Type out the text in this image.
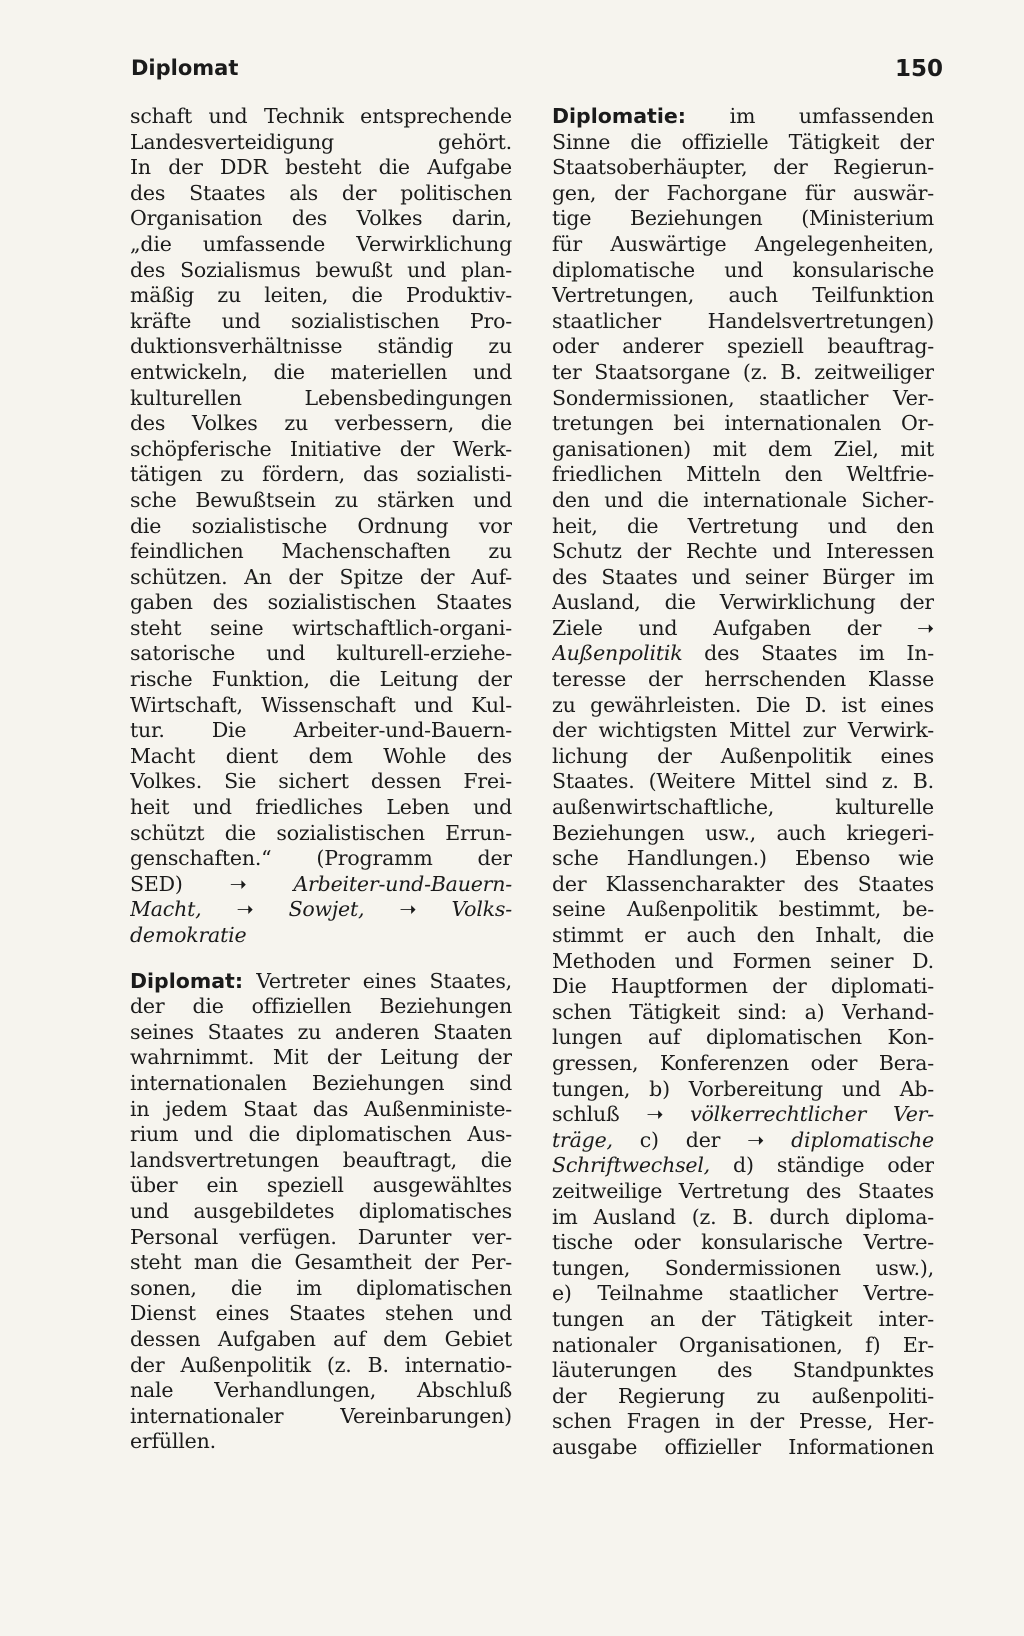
Diplomat	150
schaft und Technik entsprechende
Landesverteidigung gehört.
In der DDR besteht die Aufgabe
des Staates als der politischen
Organisation des Volkes darin,
„die umfassende Verwirklichung
des Sozialismus bewußt und plan-
mäßig zu leiten, die Produktiv-
kräfte und sozialistischen Pro-
duktionsverhältnisse ständig zu
entwickeln, die materiellen und
kulturellen Lebensbedingungen
des Volkes zu verbessern, die
schöpferische Initiative der Werk-
tätigen zu fördern, das sozialisti-
sche Bewußtsein zu stärken und
die sozialistische Ordnung vor
feindlichen Machenschaften zu
schützen. An der Spitze der Auf-
gaben des sozialistischen Staates
steht seine wirtschaftlich-organi-
satorische und kulturell-erziehe-
rische Funktion, die Leitung der
Wirtschaft, Wissenschaft und Kul-
tur. Die Arbeiter-und-Bauern-
Macht dient dem Wohle des
Volkes. Sie sichert dessen Frei-
heit und friedliches Leben und
schützt die sozialistischen Errun-
genschaften.“ (Programm der
SED) ➝ Arbeiter-und-Bauern-
Macht, ➝ Sowjet, ➝ Volks-
demokratie
Diplomat: Vertreter eines Staates,
der die offiziellen Beziehungen
seines Staates zu anderen Staaten
wahrnimmt. Mit der Leitung der
internationalen Beziehungen sind
in jedem Staat das Außenministe-
rium und die diplomatischen Aus-
landsvertretungen beauftragt, die
über ein speziell ausgewähltes
und ausgebildetes diplomatisches
Personal verfügen. Darunter ver-
steht man die Gesamtheit der Per-
sonen, die im diplomatischen
Dienst eines Staates stehen und
dessen Aufgaben auf dem Gebiet
der Außenpolitik (z. B. internatio-
nale Verhandlungen, Abschluß
internationaler Vereinbarungen)
erfüllen.
Diplomatie: im umfassenden
Sinne die offizielle Tätigkeit der
Staatsoberhäupter, der Regierun-
gen, der Fachorgane für auswär-
tige Beziehungen (Ministerium
für Auswärtige Angelegenheiten,
diplomatische und konsularische
Vertretungen, auch Teilfunktion
staatlicher Handelsvertretungen)
oder anderer speziell beauftrag-
ter Staatsorgane (z. B. zeitweiliger
Sondermissionen, staatlicher Ver-
tretungen bei internationalen Or-
ganisationen) mit dem Ziel, mit
friedlichen Mitteln den Weltfrie-
den und die internationale Sicher-
heit, die Vertretung und den
Schutz der Rechte und Interessen
des Staates und seiner Bürger im
Ausland, die Verwirklichung der
Ziele und Aufgaben der ➝
Außenpolitik des Staates im In-
teresse der herrschenden Klasse
zu gewährleisten. Die D. ist eines
der wichtigsten Mittel zur Verwirk-
lichung der Außenpolitik eines
Staates. (Weitere Mittel sind z. B.
außenwirtschaftliche, kulturelle
Beziehungen usw., auch kriegeri-
sche Handlungen.) Ebenso wie
der Klassencharakter des Staates
seine Außenpolitik bestimmt, be-
stimmt er auch den Inhalt, die
Methoden und Formen seiner D.
Die Hauptformen der diplomati-
schen Tätigkeit sind: a) Verhand-
lungen auf diplomatischen Kon-
gressen, Konferenzen oder Bera-
tungen, b) Vorbereitung und Ab-
schluß ➝ völkerrechtlicher Ver-
träge, c) der ➝ diplomatische
Schriftwechsel, d) ständige oder
zeitweilige Vertretung des Staates
im Ausland (z. B. durch diploma-
tische oder konsularische Vertre-
tungen, Sondermissionen usw.),
e) Teilnahme staatlicher Vertre-
tungen an der Tätigkeit inter-
nationaler Organisationen, f) Er-
läuterungen des Standpunktes
der Regierung zu außenpoliti-
schen Fragen in der Presse, Her-
ausgabe offizieller Informationen
